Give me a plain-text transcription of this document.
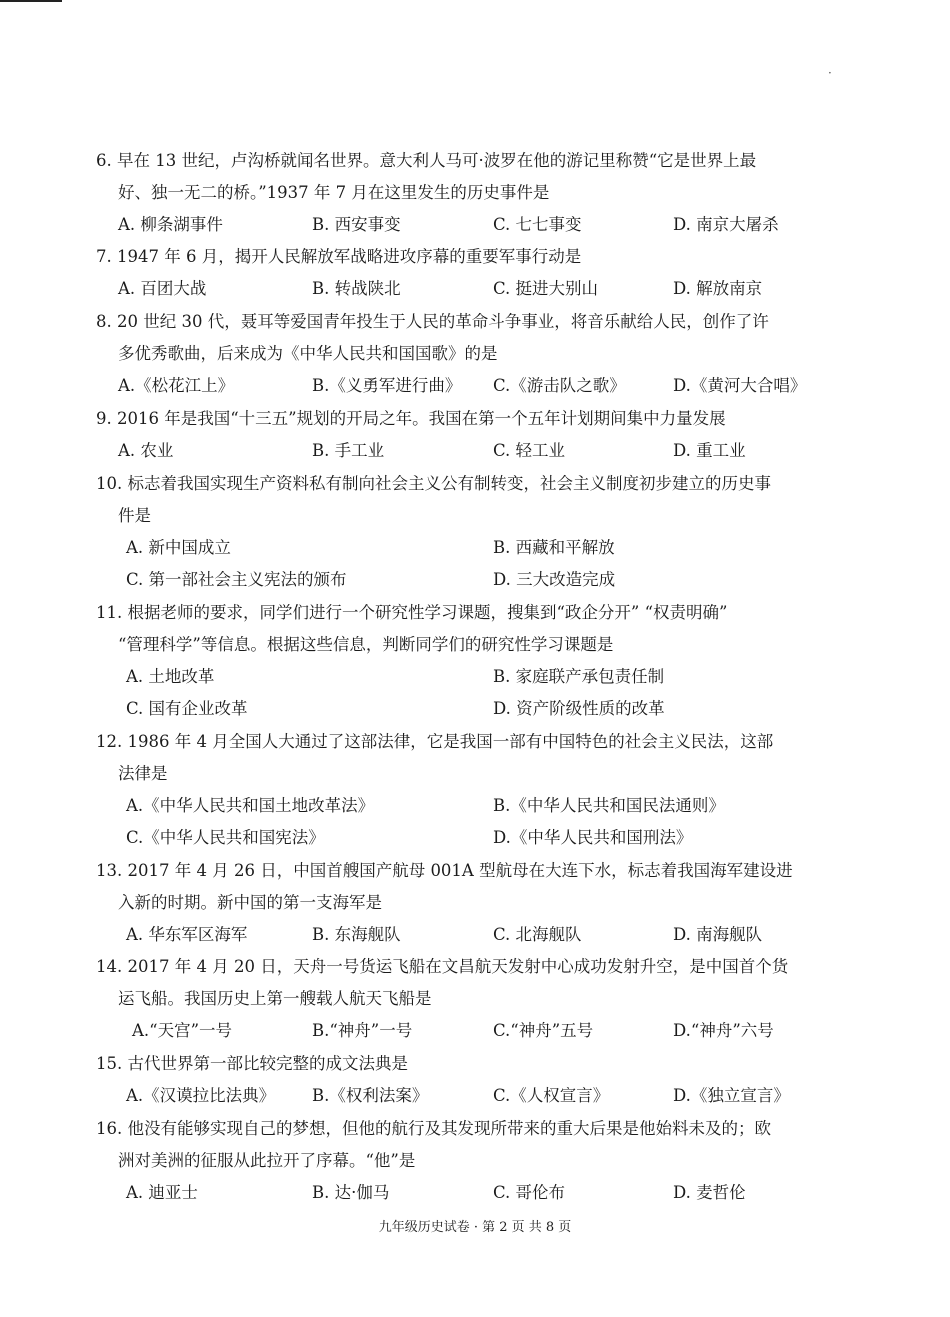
·
6. 早在 13 世纪，卢沟桥就闻名世界。意大利人马可·波罗在他的游记里称赞“它是世界上最
好、独一无二的桥。”1937 年 7 月在这里发生的历史事件是
A. 柳条湖事件	B. 西安事变	C. 七七事变	D. 南京大屠杀
7. 1947 年 6 月，揭开人民解放军战略进攻序幕的重要军事行动是
A. 百团大战	B. 转战陕北	C. 挺进大别山	D. 解放南京
8. 20 世纪 30 代，聂耳等爱国青年投生于人民的革命斗争事业，将音乐献给人民，创作了许
多优秀歌曲，后来成为《中华人民共和国国歌》的是
A.《松花江上》	B.《义勇军进行曲》 C.《游击队之歌》	D.《黄河大合唱》
9. 2016 年是我国“十三五”规划的开局之年。我国在第一个五年计划期间集中力量发展
A. 农业	B. 手工业	C. 轻工业	D. 重工业
10. 标志着我国实现生产资料私有制向社会主义公有制转变，社会主义制度初步建立的历史事
件是
A. 新中国成立	B. 西藏和平解放
C. 第一部社会主义宪法的颁布	D. 三大改造完成
11. 根据老师的要求，同学们进行一个研究性学习课题，搜集到“政企分开” “权责明确”
“管理科学”等信息。根据这些信息，判断同学们的研究性学习课题是
A. 土地改革	B. 家庭联产承包责任制
C. 国有企业改革	D. 资产阶级性质的改革
12. 1986 年 4 月全国人大通过了这部法律，它是我国一部有中国特色的社会主义民法，这部
法律是
A.《中华人民共和国土地改革法》	B.《中华人民共和国民法通则》
C.《中华人民共和国宪法》	D.《中华人民共和国刑法》
13. 2017 年 4 月 26 日，中国首艘国产航母 001A 型航母在大连下水，标志着我国海军建设进
入新的时期。新中国的第一支海军是
A. 华东军区海军	B. 东海舰队	C. 北海舰队	D. 南海舰队
14. 2017 年 4 月 20 日，天舟一号货运飞船在文昌航天发射中心成功发射升空，是中国首个货
运飞船。我国历史上第一艘载人航天飞船是
A.“天宫”一号	B.“神舟”一号	C.“神舟”五号	D.“神舟”六号
15. 古代世界第一部比较完整的成文法典是
A.《汉谟拉比法典》 B.《权利法案》	C.《人权宣言》	D.《独立宣言》
16. 他没有能够实现自己的梦想，但他的航行及其发现所带来的重大后果是他始料未及的；欧
洲对美洲的征服从此拉开了序幕。“他”是
A. 迪亚士	B. 达·伽马	C. 哥伦布	D. 麦哲伦
九年级历史试卷 · 第 2 页 共 8 页
